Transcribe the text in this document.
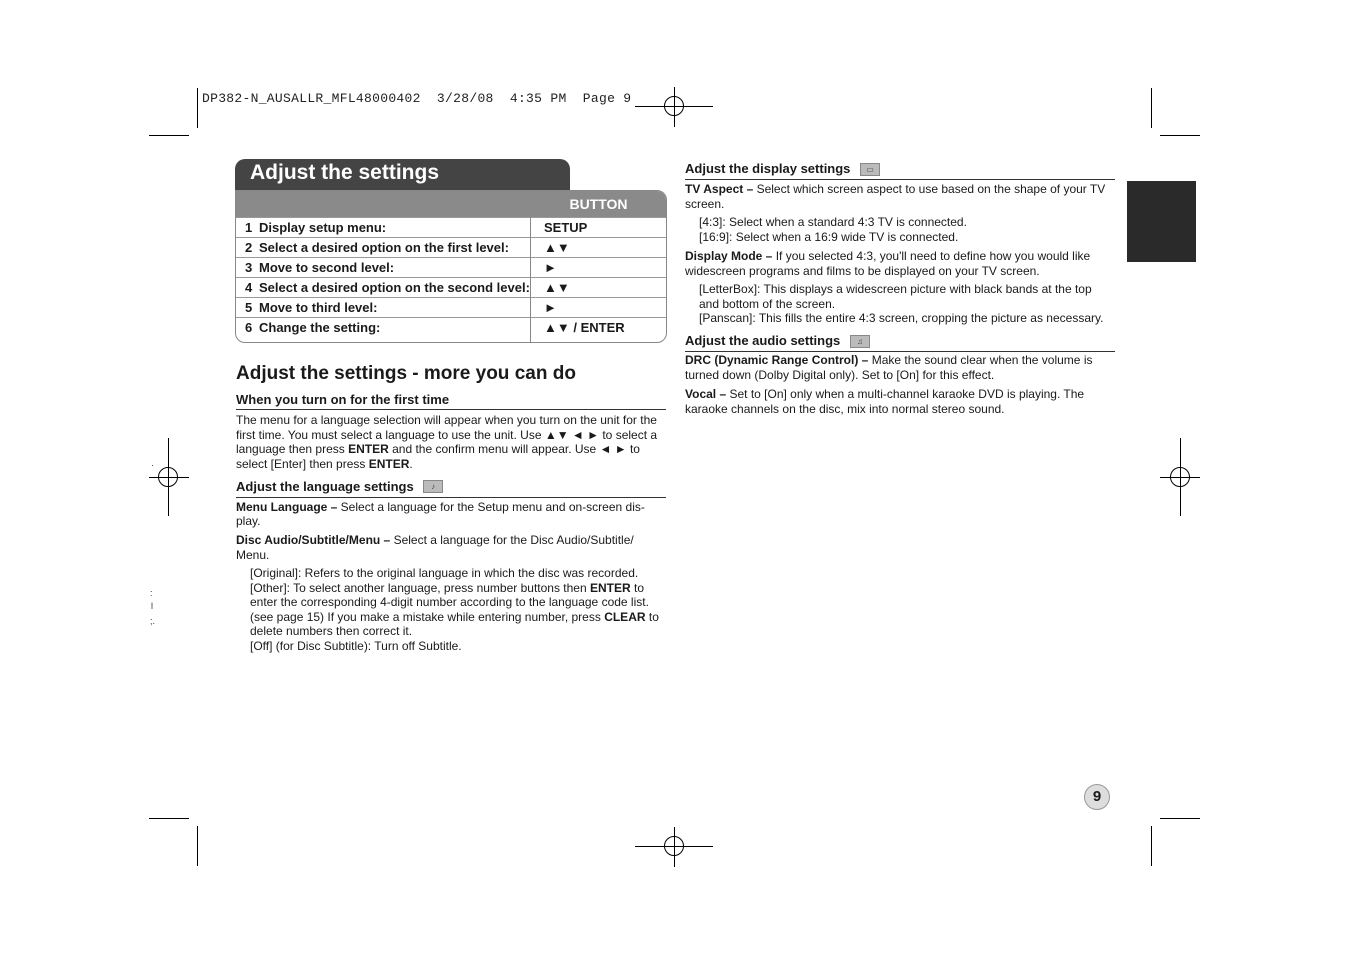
DP382-N_AUSALLR_MFL48000402  3/28/08  4:35 PM  Page 9
·
:
l
;.
Adjust the settings
BUTTON
1 Display setup menu:	SETUP
2 Select a desired option on the first level:	▲▼
3 Move to second level:	►
4 Select a desired option on the second level: ▲▼
5 Move to third level:	►
6 Change the setting:	▲▼ / ENTER
Adjust the settings - more you can do
When you turn on for the first time
The menu for a language selection will appear when you turn on the unit for the
first time. You must select a language to use the unit. Use ▲▼ ◄ ► to select a
language then press ENTER and the confirm menu will appear. Use ◄ ► to
select [Enter] then press ENTER.
Adjust the language settings	♪
Menu Language – Select a language for the Setup menu and on-screen dis-
play.
Disc Audio/Subtitle/Menu – Select a language for the Disc Audio/Subtitle/
Menu.
[Original]: Refers to the original language in which the disc was recorded.
[Other]: To select another language, press number buttons then ENTER to
enter the corresponding 4-digit number according to the language code list.
(see page 15) If you make a mistake while entering number, press CLEAR to
delete numbers then correct it.
[Off] (for Disc Subtitle): Turn off Subtitle.
Adjust the display settings	▭
TV Aspect – Select which screen aspect to use based on the shape of your TV
screen.
[4:3]: Select when a standard 4:3 TV is connected.
[16:9]: Select when a 16:9 wide TV is connected.
Display Mode – If you selected 4:3, you'll need to define how you would like
widescreen programs and films to be displayed on your TV screen.
[LetterBox]: This displays a widescreen picture with black bands at the top
and bottom of the screen.
[Panscan]: This fills the entire 4:3 screen, cropping the picture as necessary.
Adjust the audio settings	♫
DRC (Dynamic Range Control) – Make the sound clear when the volume is
turned down (Dolby Digital only). Set to [On] for this effect.
Vocal – Set to [On] only when a multi-channel karaoke DVD is playing. The
karaoke channels on the disc, mix into normal stereo sound.
9
